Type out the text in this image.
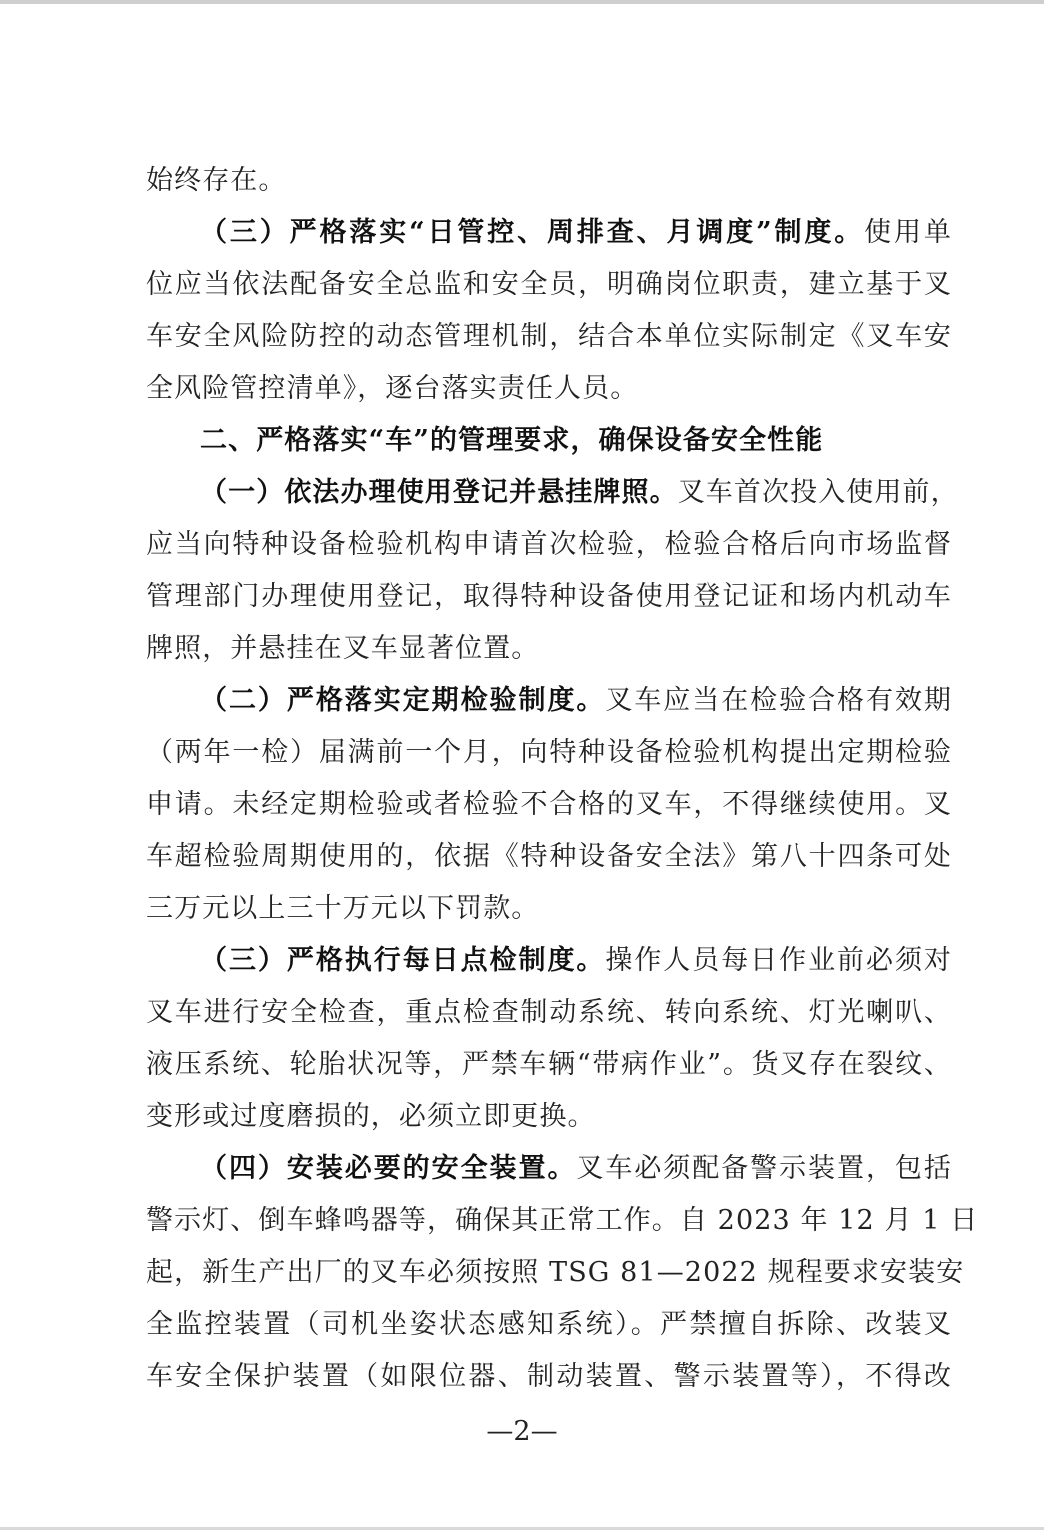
始终存在。
（三）严格落实“日管控、周排查、月调度”制度。使用单
位应当依法配备安全总监和安全员，明确岗位职责，建立基于叉
车安全风险防控的动态管理机制，结合本单位实际制定《叉车安
全风险管控清单》，逐台落实责任人员。
二、严格落实“车”的管理要求，确保设备安全性能
（一）依法办理使用登记并悬挂牌照。叉车首次投入使用前，
应当向特种设备检验机构申请首次检验，检验合格后向市场监督
管理部门办理使用登记，取得特种设备使用登记证和场内机动车
牌照，并悬挂在叉车显著位置。
（二）严格落实定期检验制度。叉车应当在检验合格有效期
（两年一检）届满前一个月，向特种设备检验机构提出定期检验
申请。未经定期检验或者检验不合格的叉车，不得继续使用。叉
车超检验周期使用的，依据《特种设备安全法》第八十四条可处
三万元以上三十万元以下罚款。
（三）严格执行每日点检制度。操作人员每日作业前必须对
叉车进行安全检查，重点检查制动系统、转向系统、灯光喇叭、
液压系统、轮胎状况等，严禁车辆“带病作业”。货叉存在裂纹、
变形或过度磨损的，必须立即更换。
（四）安装必要的安全装置。叉车必须配备警示装置，包括
警示灯、倒车蜂鸣器等，确保其正常工作。自 2023 年 12 月 1 日
起，新生产出厂的叉车必须按照 TSG 81—2022 规程要求安装安
全监控装置（司机坐姿状态感知系统）。严禁擅自拆除、改装叉
车安全保护装置（如限位器、制动装置、警示装置等），不得改
—2—
